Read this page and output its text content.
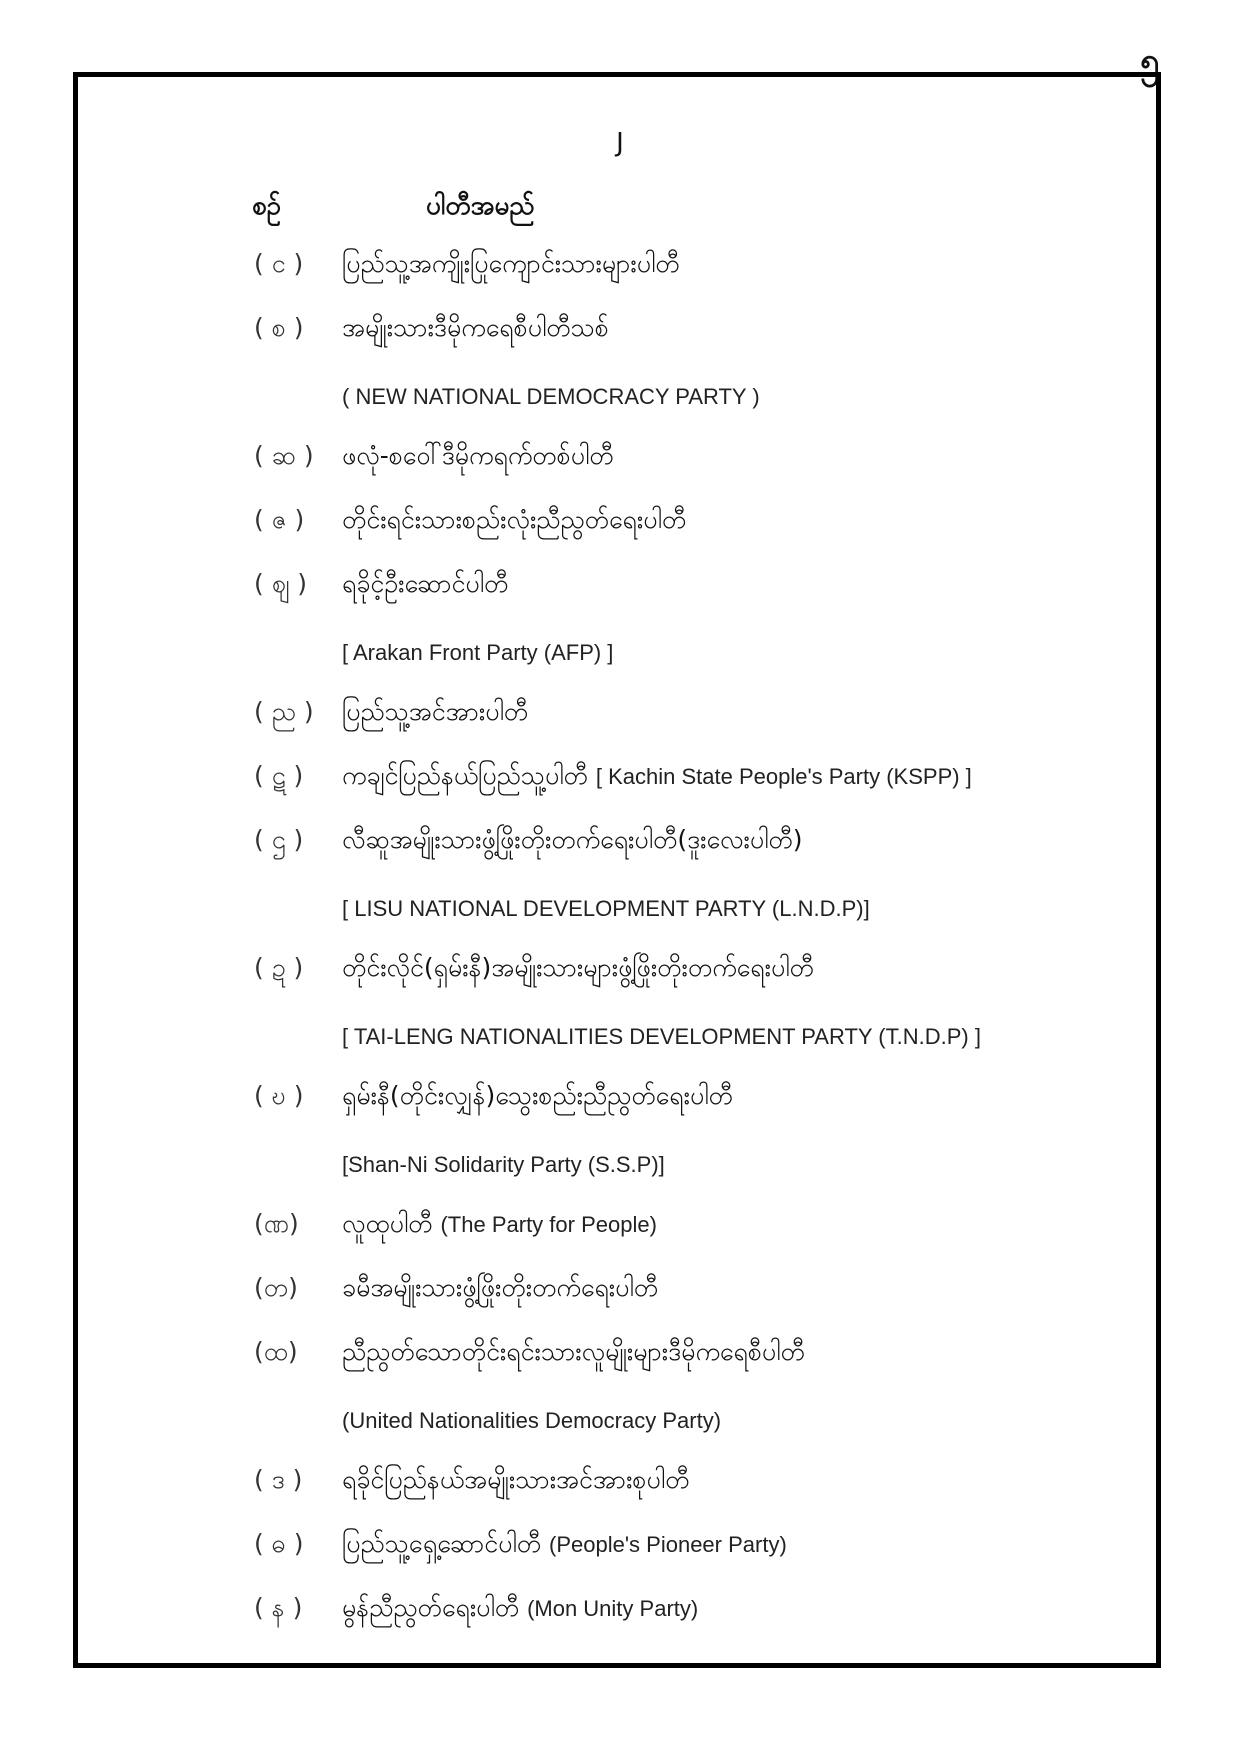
၅
J
စဉ်	ပါတီအမည်
( င ) ပြည်သူ့အကျိုးပြုကျောင်းသားများပါတီ
( စ ) အမျိုးသားဒီမိုကရေစီပါတီသစ်
( NEW NATIONAL DEMOCRACY PARTY )
( ဆ ) ဖလုံ-စဝေါ်ဒီမိုကရက်တစ်ပါတီ
( ဇ ) တိုင်းရင်းသားစည်းလုံးညီညွတ်ရေးပါတီ
( ဈ ) ရခိုင့်ဦးဆောင်ပါတီ
[ Arakan Front Party (AFP) ]
( ည ) ပြည်သူ့အင်အားပါတီ
( ဋ ) ကချင်ပြည်နယ်ပြည်သူ့ပါတီ [ Kachin State People's Party (KSPP) ]
( ဌ ) လီဆူအမျိုးသားဖွံ့ဖြိုးတိုးတက်ရေးပါတီ(ဒူးလေးပါတီ)
[ LISU NATIONAL DEVELOPMENT PARTY (L.N.D.P)]
( ဍ ) တိုင်းလိုင်(ရှမ်းနီ)အမျိုးသားများဖွံ့ဖြိုးတိုးတက်ရေးပါတီ
[ TAI-LENG NATIONALITIES DEVELOPMENT PARTY (T.N.D.P) ]
( ဎ ) ရှမ်းနီ(တိုင်းလျှန်)သွေးစည်းညီညွတ်ရေးပါတီ
[Shan-Ni Solidarity Party (S.S.P)]
(ဏ) လူထုပါတီ (The Party for People)
(တ) ခမီအမျိုးသားဖွံ့ဖြိုးတိုးတက်ရေးပါတီ
(ထ) ညီညွတ်သောတိုင်းရင်းသားလူမျိုးများဒီမိုကရေစီပါတီ
(United Nationalities Democracy Party)
( ဒ ) ရခိုင်ပြည်နယ်အမျိုးသားအင်အားစုပါတီ
( ဓ ) ပြည်သူ့ရှေ့ဆောင်ပါတီ (People's Pioneer Party)
( န ) မွန်ညီညွတ်ရေးပါတီ (Mon Unity Party)
